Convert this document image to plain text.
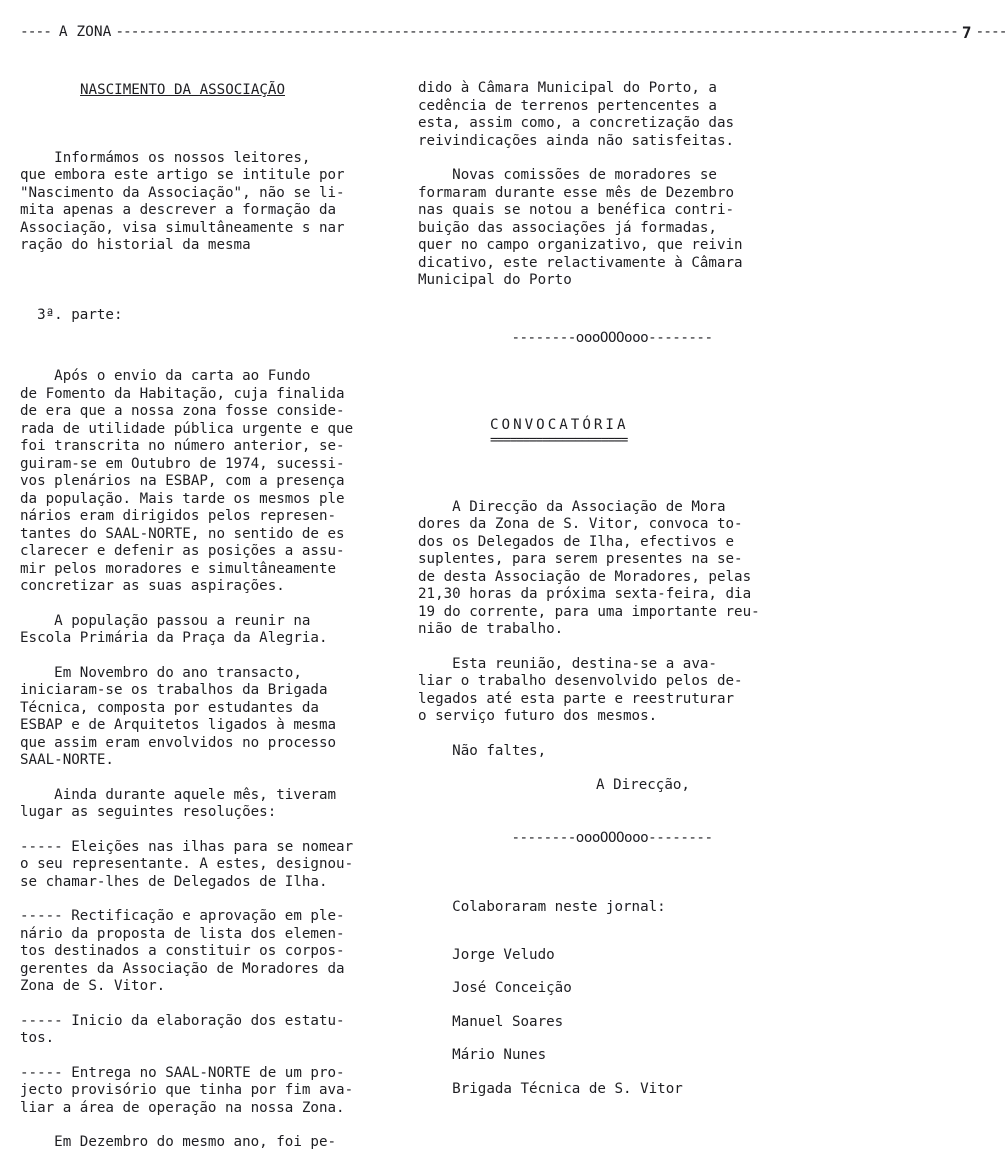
---- A ZONA ------------------------------------------------------------------------------------------------------------- 7 ----
NASCIMENTO DA ASSOCIAÇÃO

Informámos os nossos leitores,
que embora este artigo se intitule por
"Nascimento da Associação", não se li-
mita apenas a descrever a formação da
Associação, visa simultâneamente s nar
ração do historial da mesma

3ª. parte:

Após o envio da carta ao Fundo
de Fomento da Habitação, cuja finalida
de era que a nossa zona fosse conside-
rada de utilidade pública urgente e que
foi transcrita no número anterior, se-
guiram-se em Outubro de 1974, sucessi-
vos plenários na ESBAP, com a presença
da população. Mais tarde os mesmos ple
nários eram dirigidos pelos represen-
tantes do SAAL-NORTE, no sentido de es
clarecer e defenir as posições a assu-
mir pelos moradores e simultâneamente
concretizar as suas aspirações.

A população passou a reunir na
Escola Primária da Praça da Alegria.

Em Novembro do ano transacto,
iniciaram-se os trabalhos da Brigada
Técnica, composta por estudantes da
ESBAP e de Arquitetos ligados à mesma
que assim eram envolvidos no processo
SAAL-NORTE.

Ainda durante aquele mês, tiveram
lugar as seguintes resoluções:

----- Eleições nas ilhas para se nomear
o seu representante. A estes, designou-
se chamar-lhes de Delegados de Ilha.

----- Rectificação e aprovação em ple-
nário da proposta de lista dos elemen-
tos destinados a constituir os corpos-
gerentes da Associação de Moradores da
Zona de S. Vitor.

----- Inicio da elaboração dos estatu-
tos.

----- Entrega no SAAL-NORTE de um pro-
jecto provisório que tinha por fim ava-
liar a área de operação na nossa Zona.

Em Dezembro do mesmo ano, foi pe-

dido à Câmara Municipal do Porto, a
cedência de terrenos pertencentes a
esta, assim como, a concretização das
reivindicações ainda não satisfeitas.

Novas comissões de moradores se
formaram durante esse mês de Dezembro
nas quais se notou a benéfica contri-
buição das associações já formadas,
quer no campo organizativo, que reivin
dicativo, este relactivamente à Câmara
Municipal do Porto

--------oooOOOooo--------
CONVOCATÓRIA
=====================

A Direcção da Associação de Mora
dores da Zona de S. Vitor, convoca to-
dos os Delegados de Ilha, efectivos e
suplentes, para serem presentes na se-
de desta Associação de Moradores, pelas
21,30 horas da próxima sexta-feira, dia
19 do corrente, para uma importante reu-
nião de trabalho.

Esta reunião, destina-se a ava-
liar o trabalho desenvolvido pelos de-
legados até esta parte e reestruturar
o serviço futuro dos mesmos.

Não faltes,

A Direcção,
--------oooOOOooo--------

Colaboraram neste jornal:

Jorge Veludo
José Conceição
Manuel Soares
Mário Nunes
Brigada Técnica de S. Vitor
